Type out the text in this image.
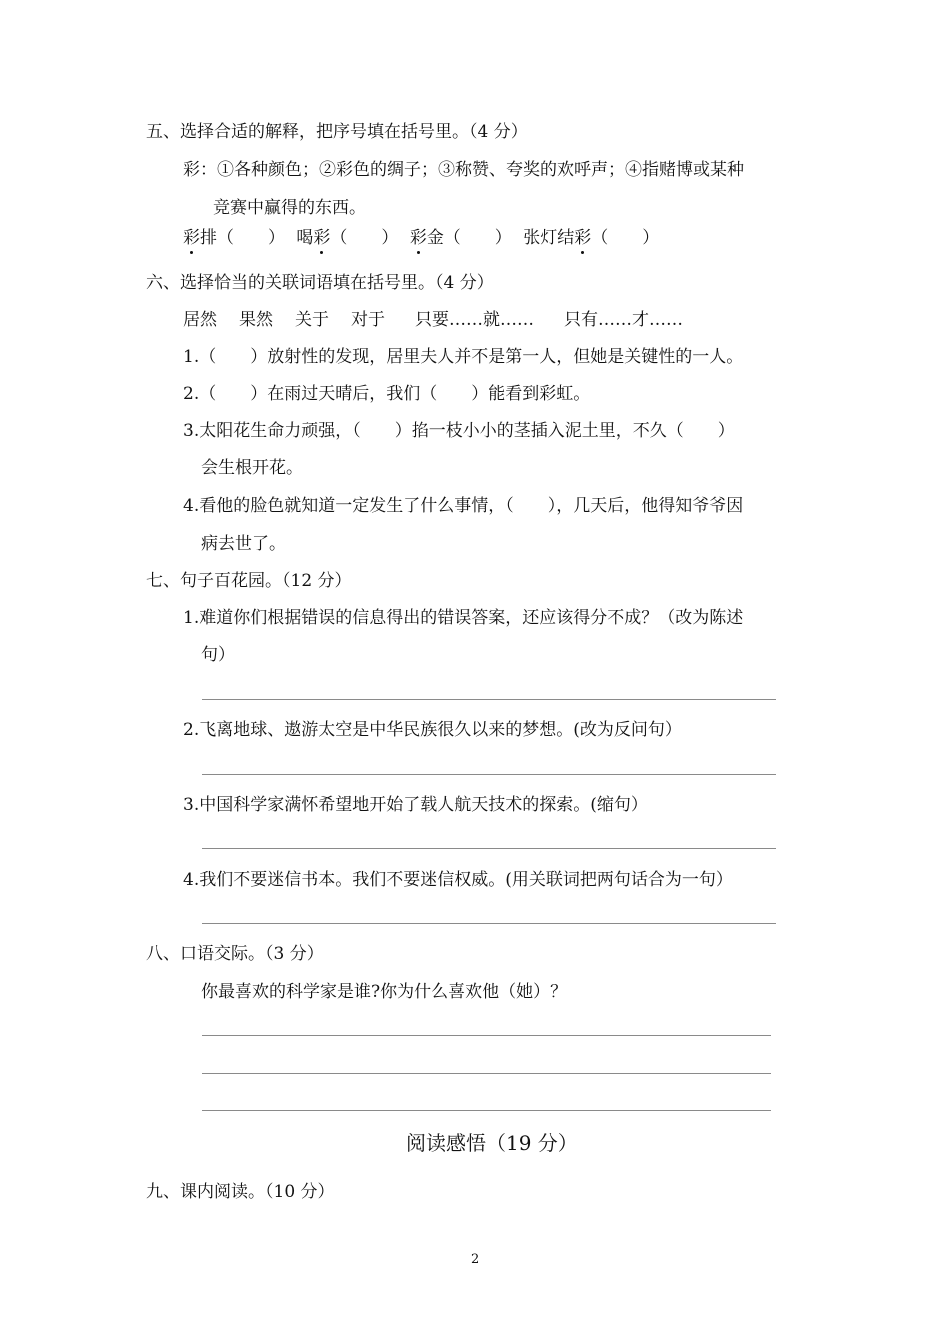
五、选择合适的解释，把序号填在括号里。（4 分）
彩：①各种颜色；②彩色的绸子；③称赞、夸奖的欢呼声；④指赌博或某种
竞赛中赢得的东西。
彩排（　　） 喝彩（　　） 彩金（　　） 张灯结彩（　　）
六、选择恰当的关联词语填在括号里。（4 分）
居然 果然 关于 对于 只要……就…… 只有……才……
1.（　　）放射性的发现，居里夫人并不是第一人，但她是关键性的一人。
2.（　　）在雨过天晴后，我们（　　）能看到彩虹。
3.太阳花生命力顽强，（　　）掐一枝小小的茎插入泥土里，不久（　　）
会生根开花。
4.看他的脸色就知道一定发生了什么事情，（　　），几天后，他得知爷爷因
病去世了。
七、句子百花园。（12 分）
1.难道你们根据错误的信息得出的错误答案，还应该得分不成？（改为陈述
句）
2.飞离地球、遨游太空是中华民族很久以来的梦想。(改为反问句）
3.中国科学家满怀希望地开始了载人航天技术的探索。(缩句）
4.我们不要迷信书本。我们不要迷信权威。(用关联词把两句话合为一句）
八、口语交际。（3 分）
你最喜欢的科学家是谁?你为什么喜欢他（她）？
阅读感悟（19 分）
九、课内阅读。（10 分）
2
